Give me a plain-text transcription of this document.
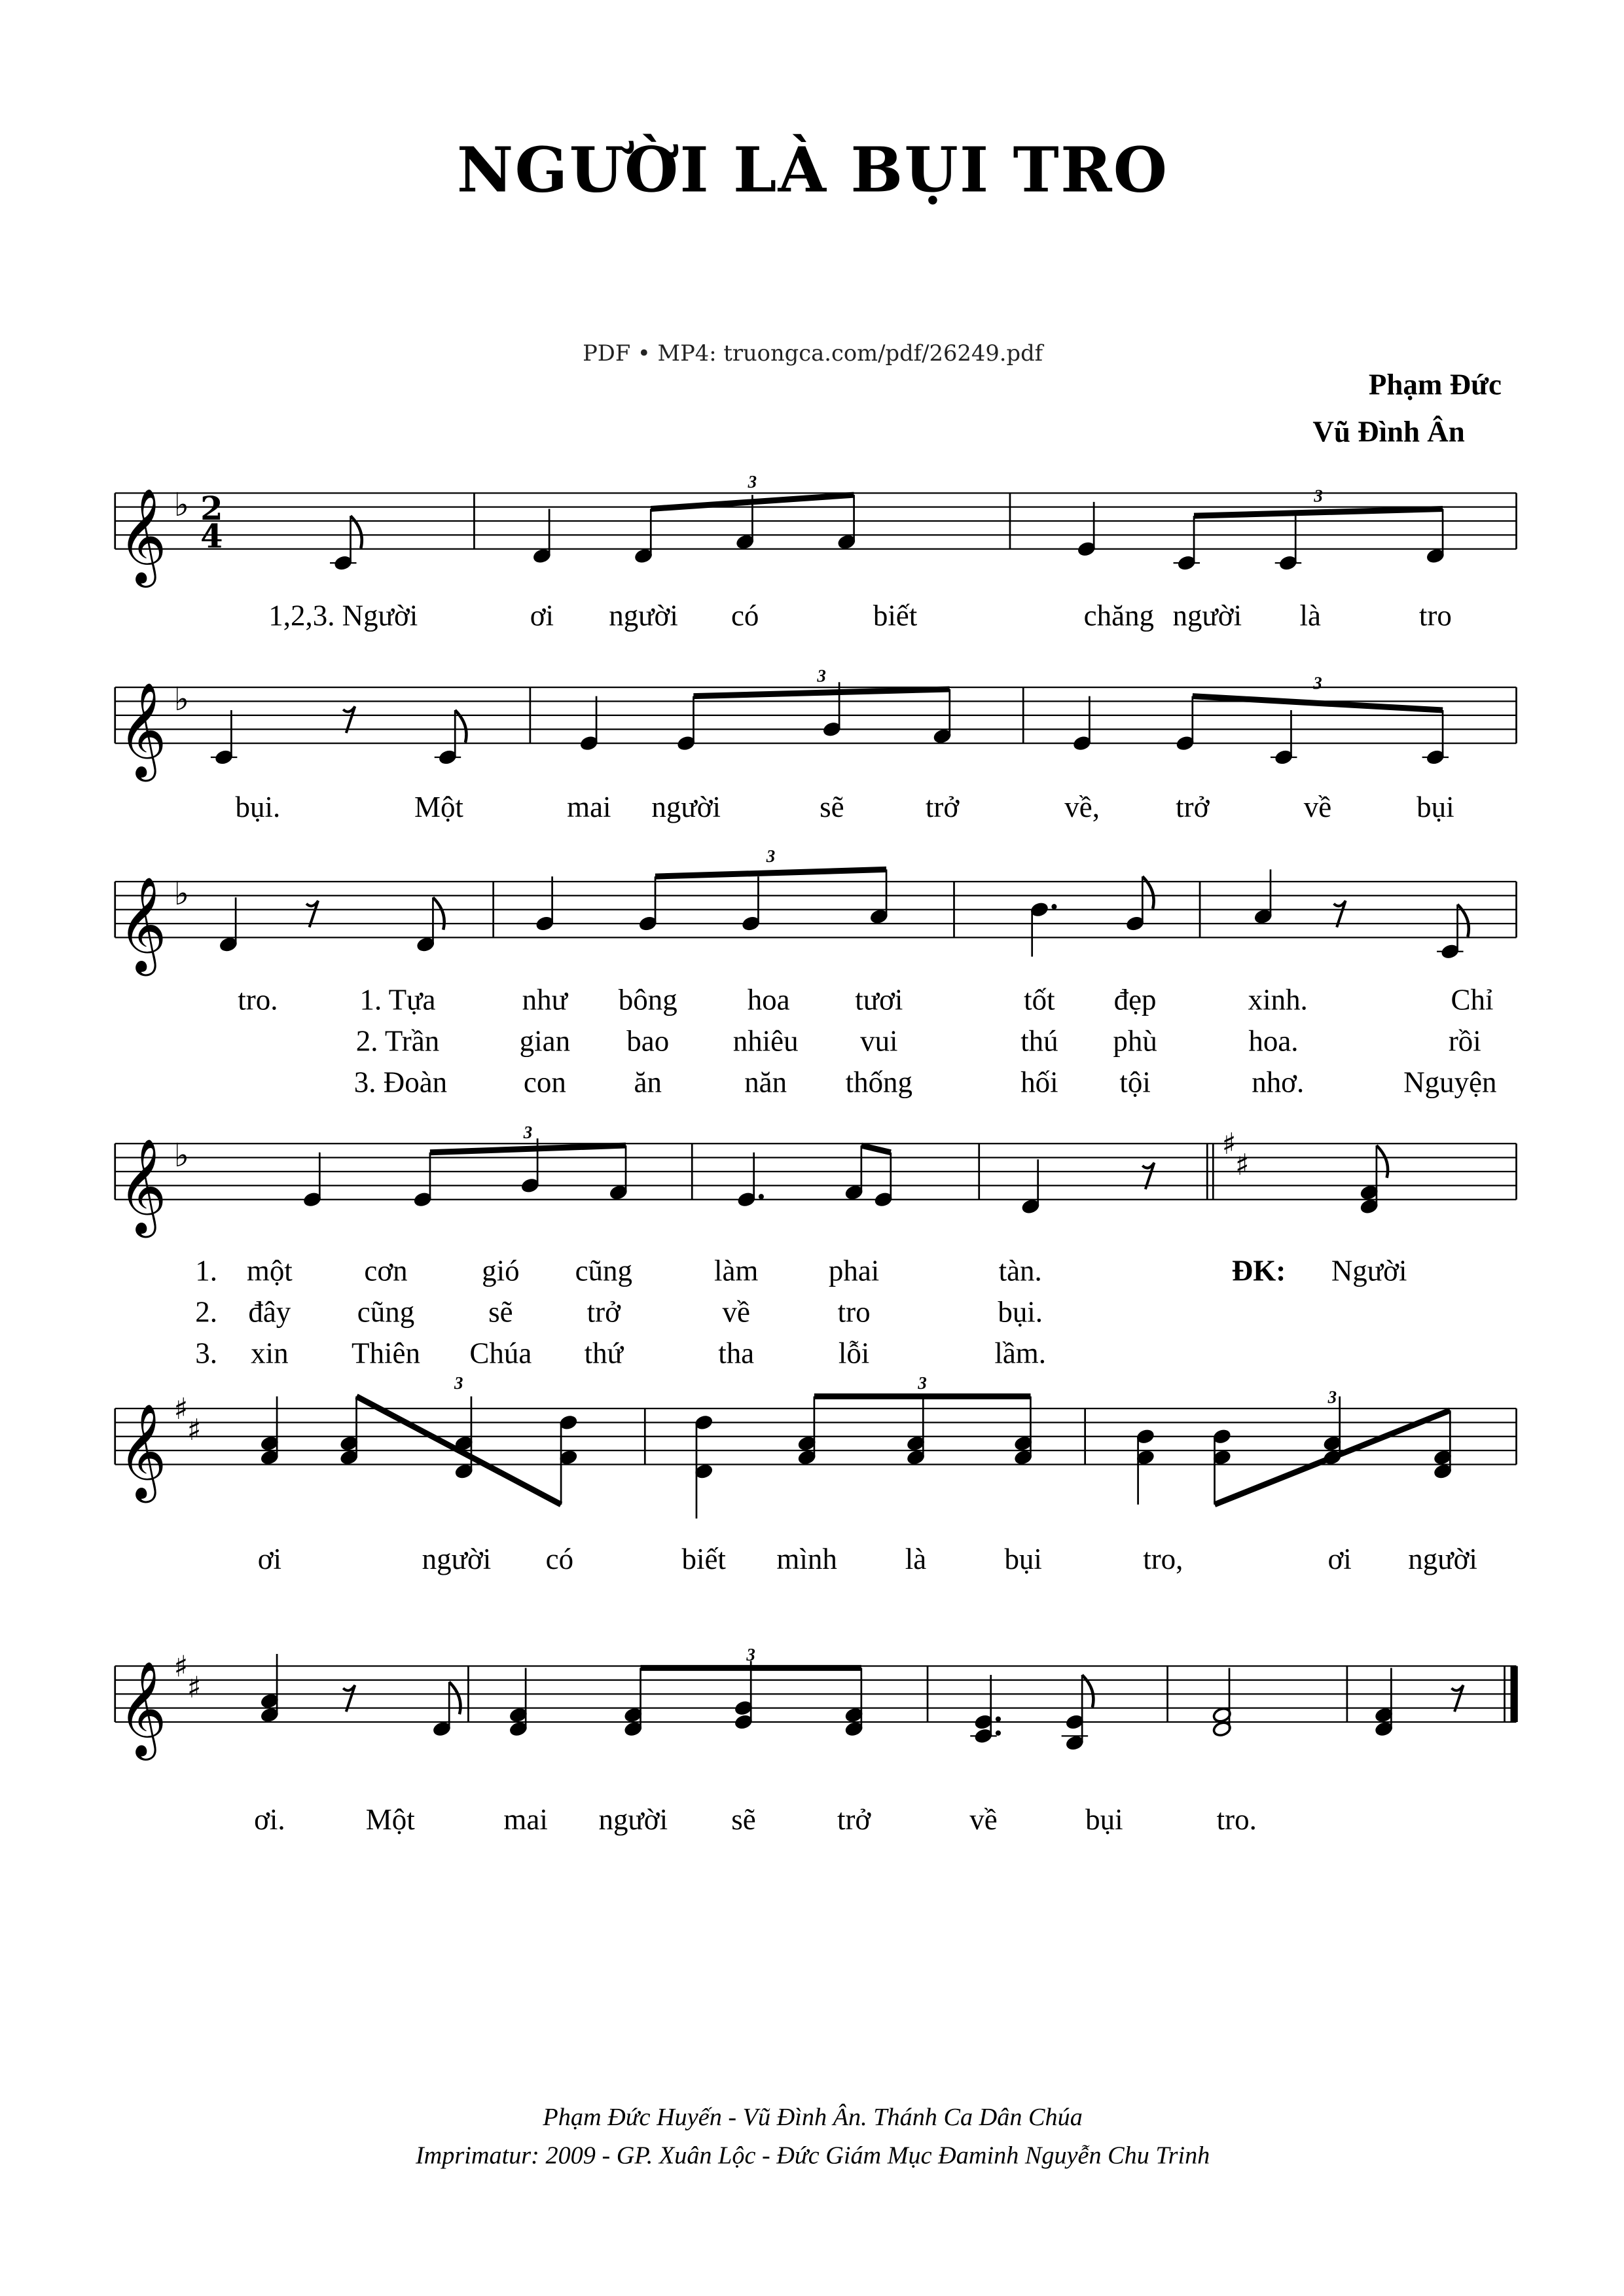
NGƯỜI LÀ BỤI TRO
PDF • MP4: truongca.com/pdf/26249.pdf
Phạm Đức
Vũ Đình Ân
𝄞 ♭ 2
4
3
3
1,2,3. Người	ơi	người	có	biết	chăng người	là	tro
𝄞 ♭
3	3
bụi.	Một	mai	người	sẽ	trở	về,	trở	về	bụi
𝄞 ♭
3
tro.	1. Tựa	như	bông	hoa	tươi	tốt	đẹp	xinh.	Chỉ
2. Trần	gian	bao	nhiêu	vui	thú	phù	hoa.	rồi
3. Đoàn	con	ăn	năn	thống	hối	tội	nhơ.	Nguyện
𝄞 ♭	♯
♯
3
1. một	cơn	gió	cũng	làm	phai	tàn.	ĐK:	Người
2. đây	cũng	sẽ	trở	về	tro	bụi.
3.	xin	Thiên	Chúa	thứ	tha	lỗi	lầm.
𝄞 ♯
♯
3	3
3
ơi	người	có	biết	mình	là	bụi	tro,	ơi	người
𝄞 ♯
♯
3
ơi.	Một	mai	người	sẽ	trở	về	bụi	tro.
Phạm Đức Huyến - Vũ Đình Ân. Thánh Ca Dân Chúa
Imprimatur: 2009 - GP. Xuân Lộc - Đức Giám Mục Đaminh Nguyễn Chu Trinh
